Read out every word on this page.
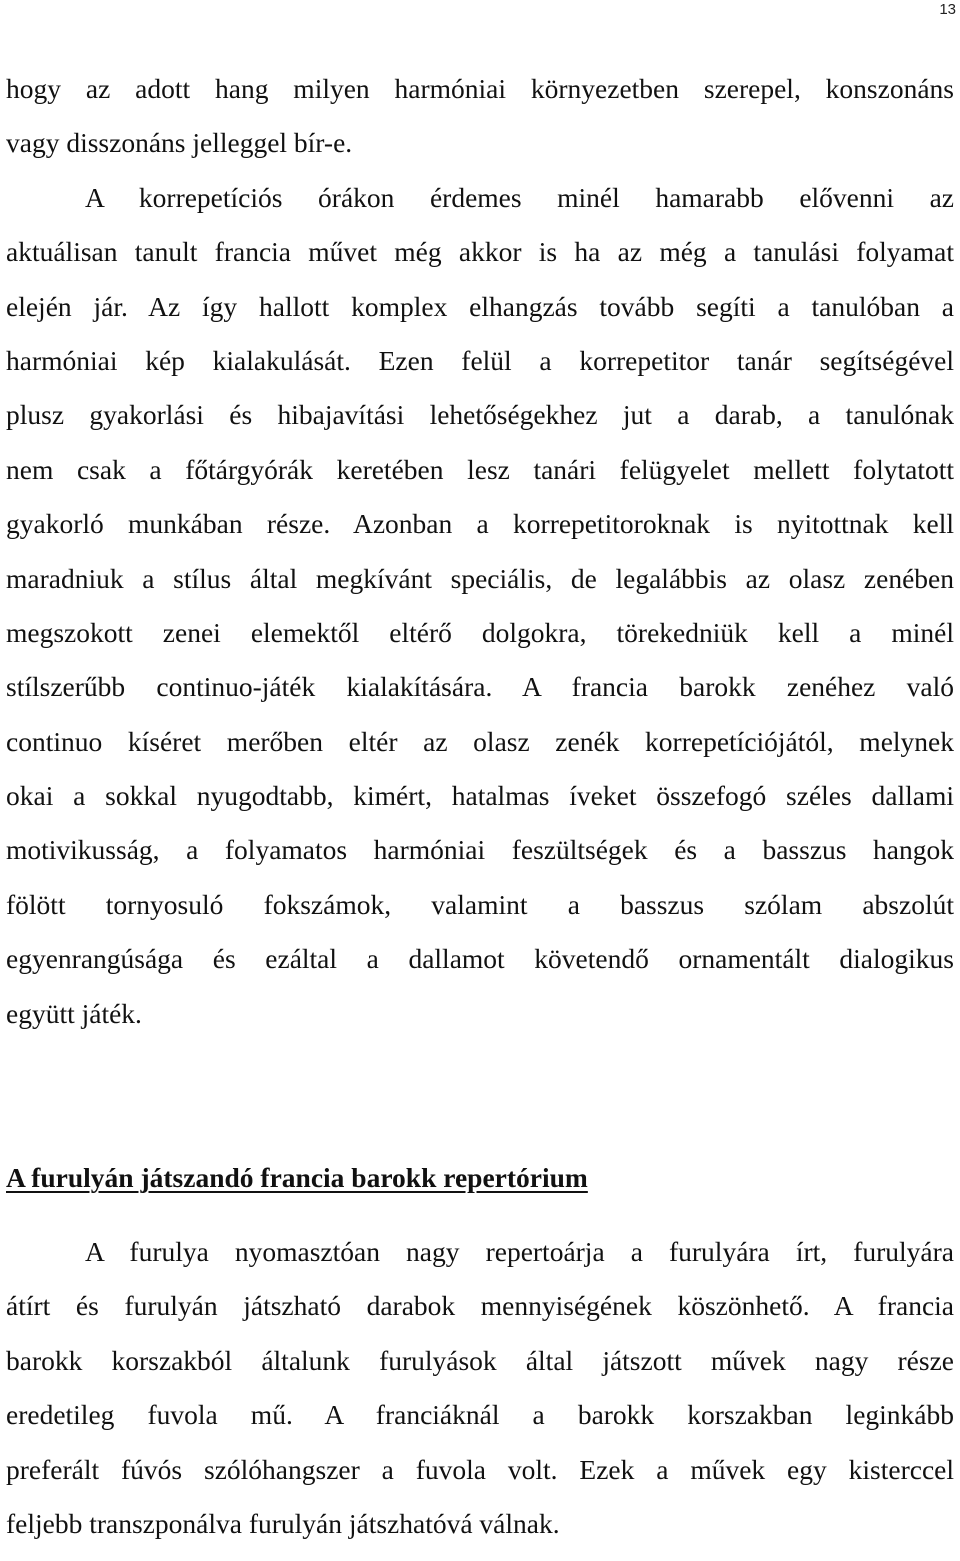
13
hogy az adott hang milyen harmóniai környezetben szerepel, konszonáns
vagy disszonáns jelleggel bír-e.
A korrepetíciós órákon érdemes minél hamarabb elővenni az
aktuálisan tanult francia művet még akkor is ha az még a tanulási folyamat
elején jár. Az így hallott komplex elhangzás tovább segíti a tanulóban a
harmóniai kép kialakulását. Ezen felül a korrepetitor tanár segítségével
plusz gyakorlási és hibajavítási lehetőségekhez jut a darab, a tanulónak
nem csak a főtárgyórák keretében lesz tanári felügyelet mellett folytatott
gyakorló munkában része. Azonban a korrepetitoroknak is nyitottnak kell
maradniuk a stílus által megkívánt speciális, de legalábbis az olasz zenében
megszokott zenei elemektől eltérő dolgokra, törekedniük kell a minél
stílszerűbb continuo-játék kialakítására. A francia barokk zenéhez való
continuo kíséret merőben eltér az olasz zenék korrepetíciójától, melynek
okai a sokkal nyugodtabb, kimért, hatalmas íveket összefogó széles dallami
motivikusság, a folyamatos harmóniai feszültségek és a basszus hangok
fölött tornyosuló fokszámok, valamint a basszus szólam abszolút
egyenrangúsága és ezáltal a dallamot követendő ornamentált dialogikus
együtt játék.
A furulyán játszandó francia barokk repertórium
A furulya nyomasztóan nagy repertoárja a furulyára írt, furulyára
átírt és furulyán játszható darabok mennyiségének köszönhető. A francia
barokk korszakból általunk furulyások által játszott művek nagy része
eredetileg fuvola mű. A franciáknál a barokk korszakban leginkább
preferált fúvós szólóhangszer a fuvola volt. Ezek a művek egy kisterccel
feljebb transzponálva furulyán játszhatóvá válnak.
